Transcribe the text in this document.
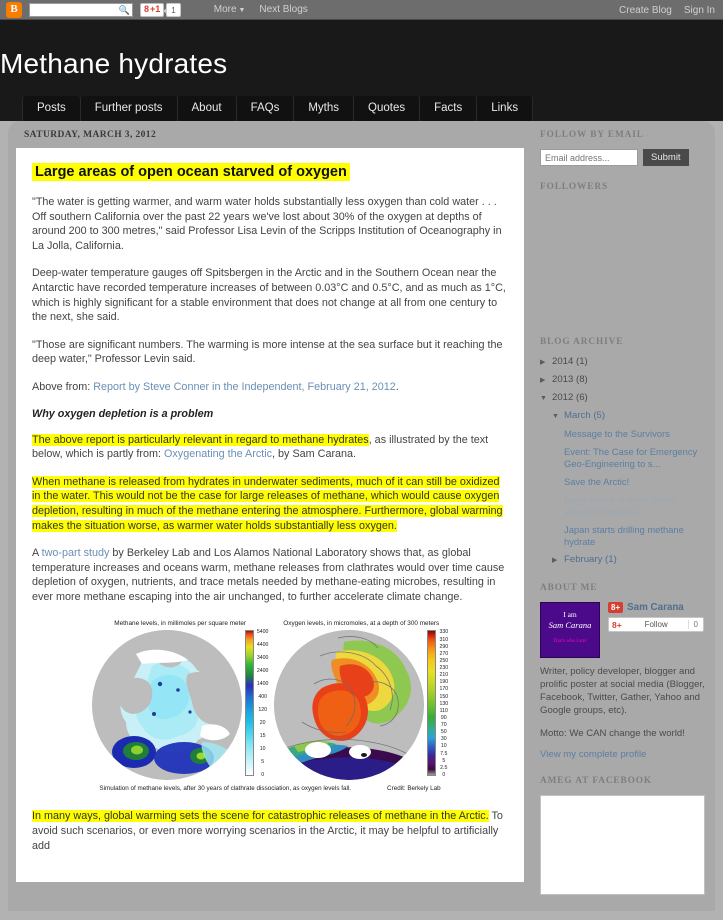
B	🔍 8 +1	1	More ▼ Next Blogs	Create Blog Sign In
Methane hydrates
Posts	Further posts	About	FAQs	Myths	Quotes	Facts	Links
SATURDAY, MARCH 3, 2012
Large areas of open ocean starved of oxygen

"The water is getting warmer, and warm water holds substantially less oxygen than cold water . . . Off southern California over the past 22 years we've lost about 30% of the oxygen at depths of around 200 to 300 metres," said Professor Lisa Levin of the Scripps Institution of Oceanography in La Jolla, California.

Deep-water temperature gauges off Spitsbergen in the Arctic and in the Southern Ocean near the Antarctic have recorded temperature increases of between 0.03°C and 0.5°C, and as much as 1°C, which is highly significant for a stable environment that does not change at all from one century to the next, she said.

"Those are significant numbers. The warming is more intense at the sea surface but it reaching the deep water," Professor Levin said.

Above from: Report by Steve Conner in the Independent, February 21, 2012.

Why oxygen depletion is a problem

The above report is particularly relevant in regard to methane hydrates, as illustrated by the text below, which is partly from: Oxygenating the Arctic, by Sam Carana.

When methane is released from hydrates in underwater sediments, much of it can still be oxidized in the water. This would not be the case for large releases of methane, which would cause oxygen depletion, resulting in much of the methane entering the atmosphere. Furthermore, global warming makes the situation worse, as warmer water holds substantially less oxygen.

A two-part study by Berkeley Lab and Los Alamos National Laboratory shows that, as global temperature increases and oceans warm, methane releases from clathrates would over time cause depletion of oxygen, nutrients, and trace metals needed by methane-eating microbes, resulting in ever more methane escaping into the air unchanged, to further accelerate climate change.

Methane levels, in millimoles per square meter
5400
4400
3400
2400
1400
400
120
20
15
10
5
0
Oxygen levels, in micromoles, at a depth of 300 meters
330
310
290
270
250
230
210
190
170
150
130
110
90
70
50
30
10
7.5
5
2.5
0
Simulation of methane levels, after 30 years of clathrate dissociation, as oxygen levels fall.	Credit: Berkely Lab

In many ways, global warming sets the scene for catastrophic releases of methane in the Arctic. To avoid such scenarios, or even more worrying scenarios in the Arctic, it may be helpful to artificially add

FOLLOW BY EMAIL
Email address...
Submit
FOLLOWERS
BLOG ARCHIVE
▶ 2014 (1)
▶ 2013 (8)
▼ 2012 (6)
▼ March (5)
Message to the Survivors
Event: The Case for Emergency Geo-Engineering to s...
Save the Arctic!
Large areas of open ocean starved of oxygen
Japan starts drilling methane hydrate
▶ February (1)
ABOUT ME
I am
Sam Carana
That's who I am!
8+ Sam Carana
8+	Follow	0
Writer, policy developer, blogger and prolific poster at social media (Blogger, Facebook, Twitter, Gather, Yahoo and Google groups, etc).
Motto: We CAN change the world!
View my complete profile
AMEG AT FACEBOOK
